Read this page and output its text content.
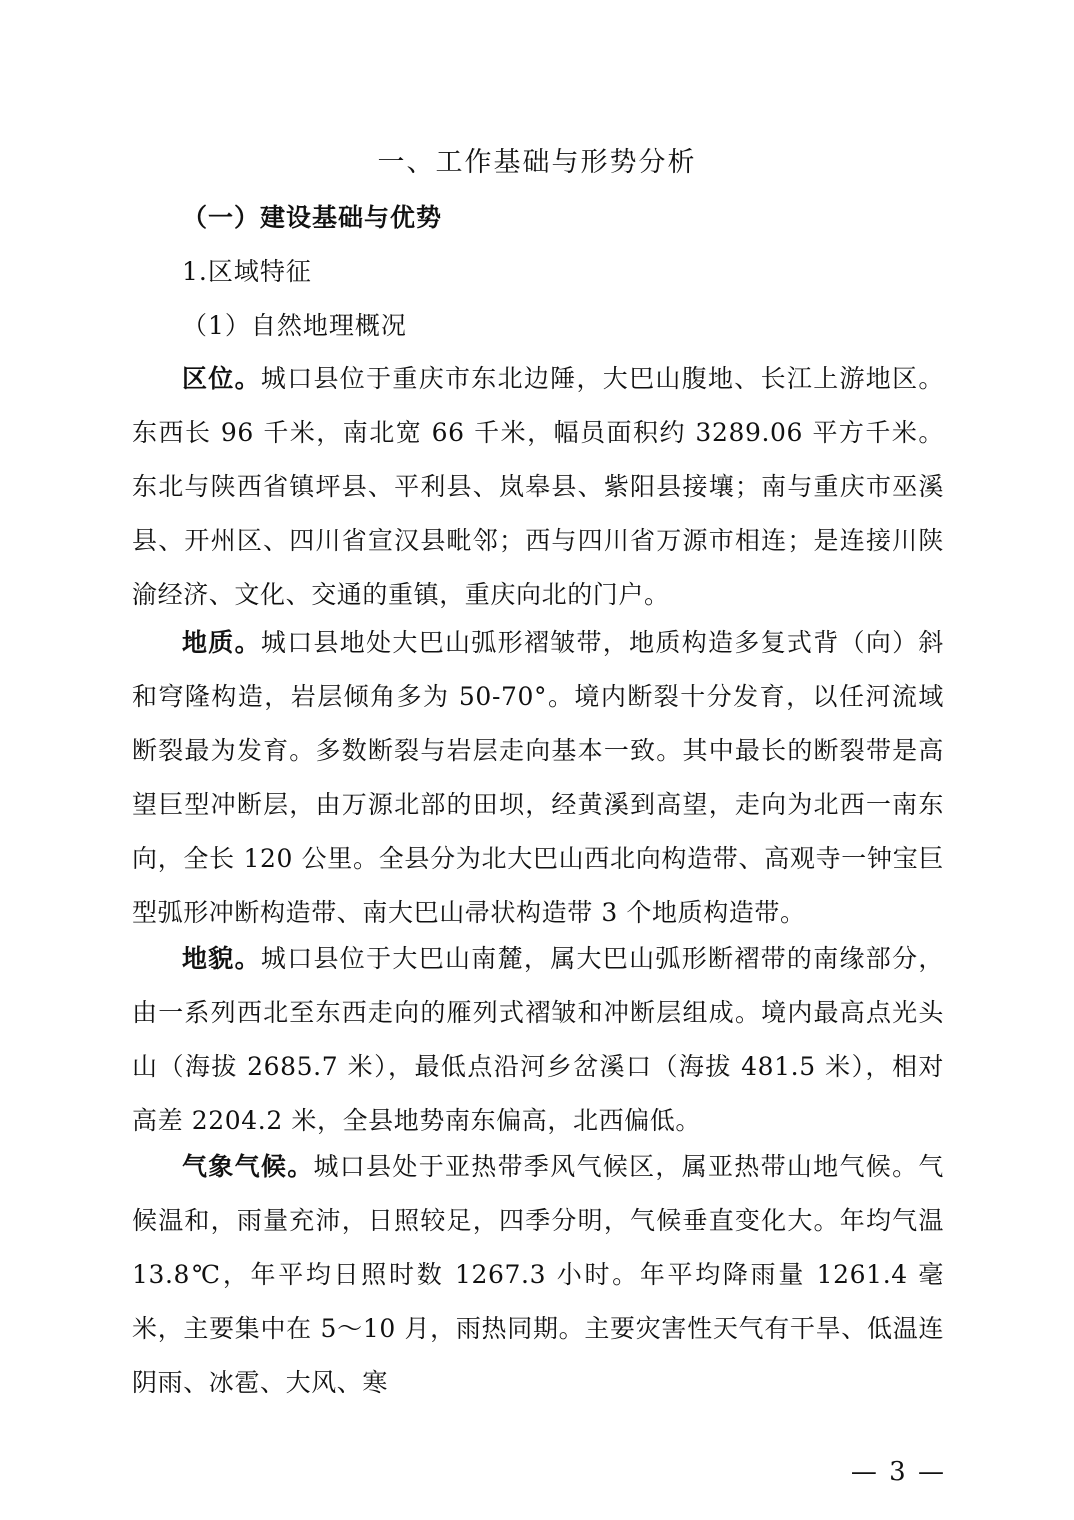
一、工作基础与形势分析
（一）建设基础与优势
1.区域特征
（1）自然地理概况

区位。城口县位于重庆市东北边陲，大巴山腹地、长江上游地区。东西长 96 千米，南北宽 66 千米，幅员面积约 3289.06 平方千米。东北与陕西省镇坪县、平利县、岚皋县、紫阳县接壤；南与重庆市巫溪县、开州区、四川省宣汉县毗邻；西与四川省万源市相连；是连接川陕渝经济、文化、交通的重镇，重庆向北的门户。

地质。城口县地处大巴山弧形褶皱带，地质构造多复式背（向）斜和穹隆构造，岩层倾角多为 50-70°。境内断裂十分发育，以任河流域断裂最为发育。多数断裂与岩层走向基本一致。其中最长的断裂带是高望巨型冲断层，由万源北部的田坝，经黄溪到高望，走向为北西一南东向，全长 120 公里。全县分为北大巴山西北向构造带、高观寺一钟宝巨型弧形冲断构造带、南大巴山帚状构造带 3 个地质构造带。

地貌。城口县位于大巴山南麓，属大巴山弧形断褶带的南缘部分，由一系列西北至东西走向的雁列式褶皱和冲断层组成。境内最高点光头山（海拔 2685.7 米），最低点沿河乡岔溪口（海拔 481.5 米），相对高差 2204.2 米，全县地势南东偏高，北西偏低。

气象气候。城口县处于亚热带季风气候区，属亚热带山地气候。气候温和，雨量充沛，日照较足，四季分明，气候垂直变化大。年均气温 13.8℃，年平均日照时数 1267.3 小时。年平均降雨量 1261.4 毫米，主要集中在 5～10 月，雨热同期。主要灾害性天气有干旱、低温连阴雨、冰雹、大风、寒

— 3 —
